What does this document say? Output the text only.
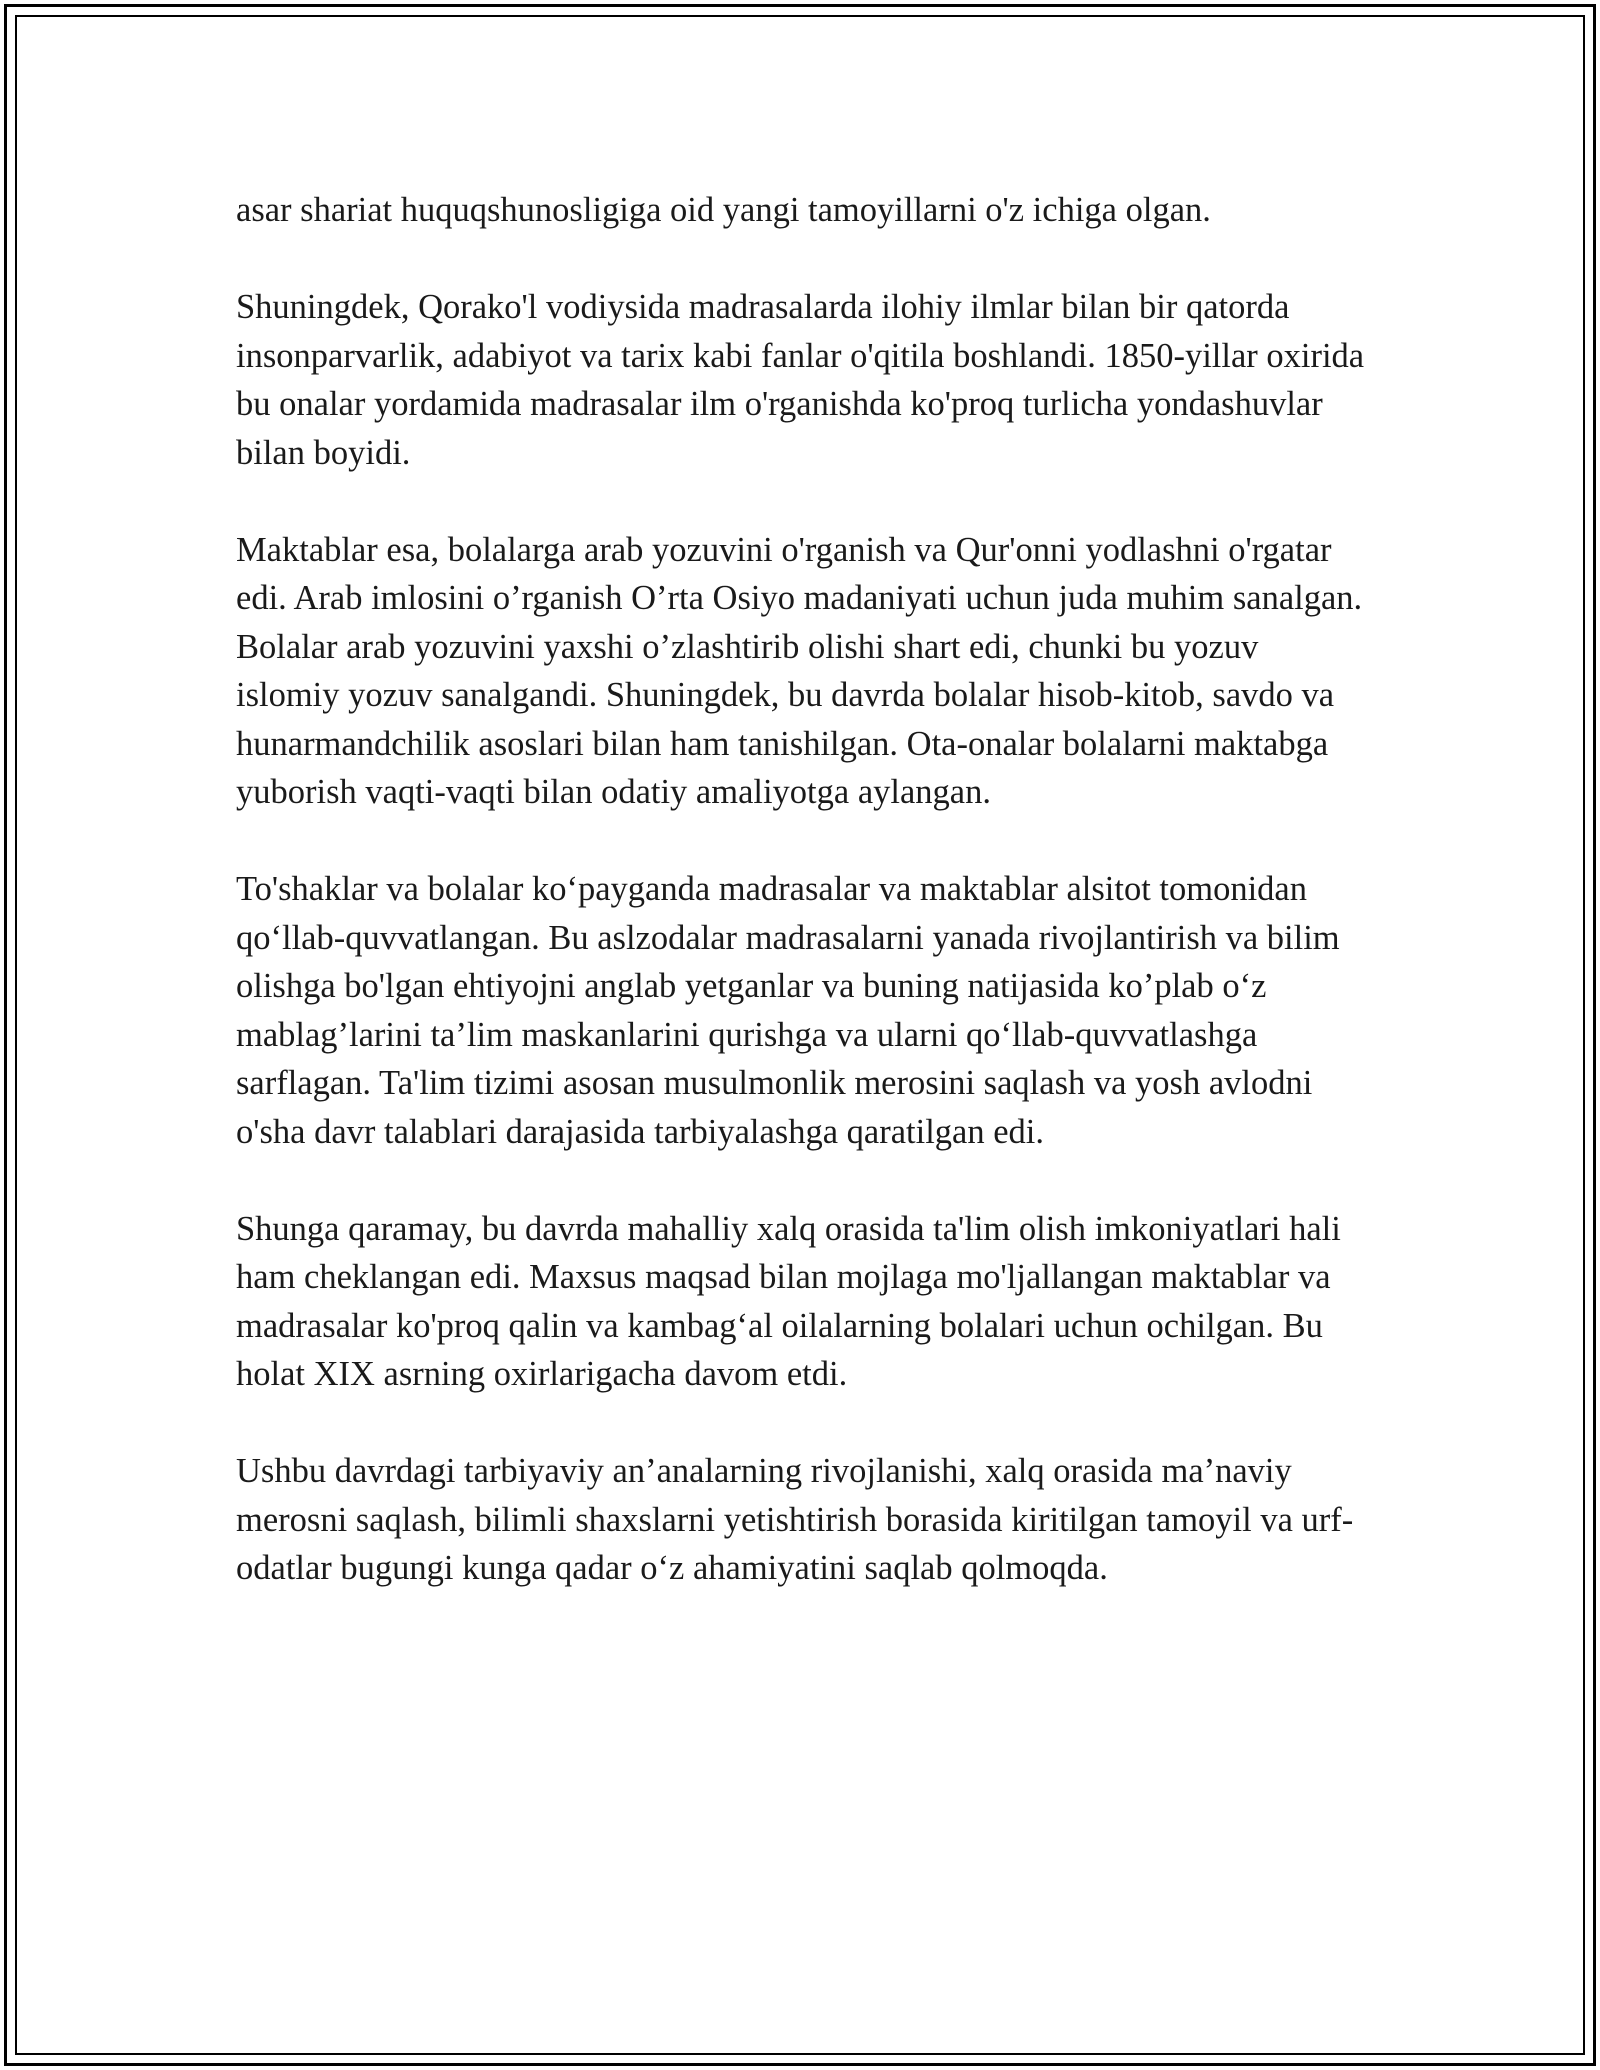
asar shariat huquqshunosligiga oid yangi tamoyillarni o'z ichiga olgan.

Shuningdek, Qorako'l vodiysida madrasalarda ilohiy ilmlar bilan bir qatorda insonparvarlik, adabiyot va tarix kabi fanlar o'qitila boshlandi. 1850-yillar oxirida bu onalar yordamida madrasalar ilm o'rganishda ko'proq turlicha yondashuvlar bilan boyidi.

Maktablar esa, bolalarga arab yozuvini o'rganish va Qur'onni yodlashni o'rgatar edi. Arab imlosini o’rganish O’rta Osiyo madaniyati uchun juda muhim sanalgan. Bolalar arab yozuvini yaxshi o’zlashtirib olishi shart edi, chunki bu yozuv islomiy yozuv sanalgandi. Shuningdek, bu davrda bolalar hisob-kitob, savdo va hunarmandchilik asoslari bilan ham tanishilgan. Ota-onalar bolalarni maktabga yuborish vaqti-vaqti bilan odatiy amaliyotga aylangan.

To'shaklar va bolalar ko‘payganda madrasalar va maktablar alsitot tomonidan qo‘llab-quvvatlangan. Bu aslzodalar madrasalarni yanada rivojlantirish va bilim olishga bo'lgan ehtiyojni anglab yetganlar va buning natijasida ko’plab o‘z mablag’larini ta’lim maskanlarini qurishga va ularni qo‘llab-quvvatlashga sarflagan. Ta'lim tizimi asosan musulmonlik merosini saqlash va yosh avlodni o'sha davr talablari darajasida tarbiyalashga qaratilgan edi.

Shunga qaramay, bu davrda mahalliy xalq orasida ta'lim olish imkoniyatlari hali ham cheklangan edi. Maxsus maqsad bilan mojlaga mo'ljallangan maktablar va madrasalar ko'proq qalin va kambag‘al oilalarning bolalari uchun ochilgan. Bu holat XIX asrning oxirlarigacha davom etdi.

Ushbu davrdagi tarbiyaviy an’analarning rivojlanishi, xalq orasida ma’naviy merosni saqlash, bilimli shaxslarni yetishtirish borasida kiritilgan tamoyil va urf-odatlar bugungi kunga qadar o‘z ahamiyatini saqlab qolmoqda.
